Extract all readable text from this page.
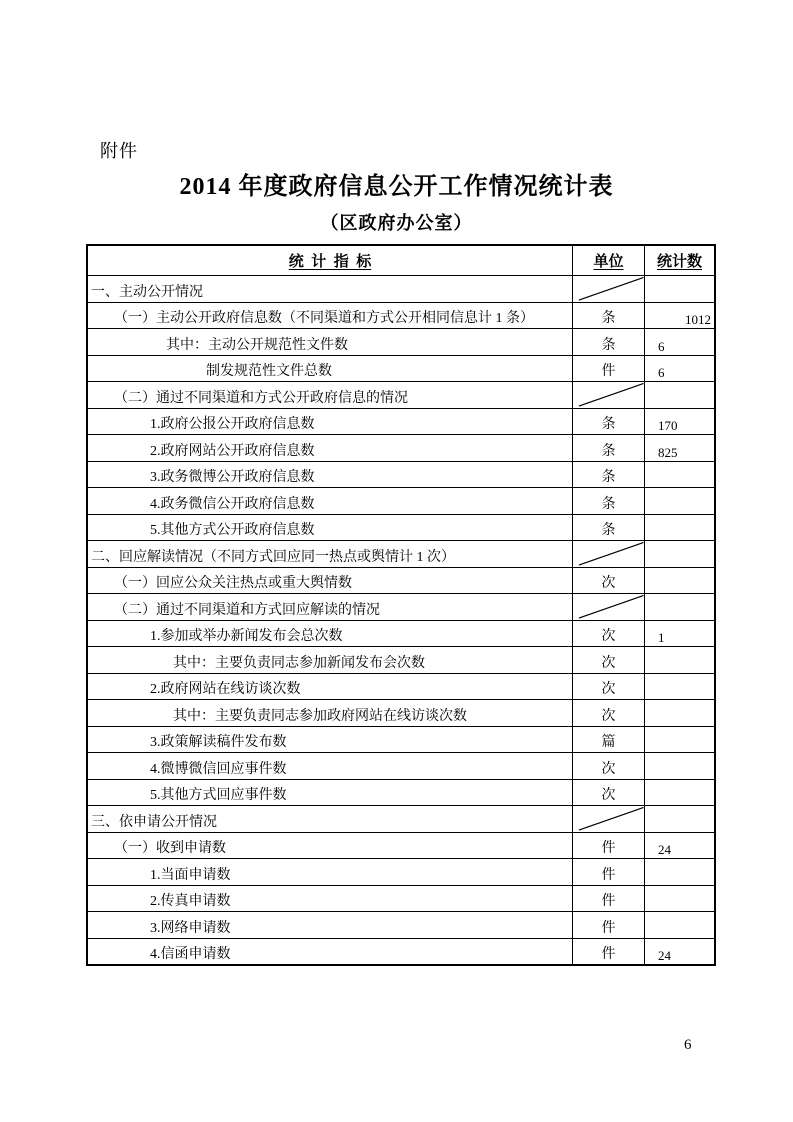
附件
2014 年度政府信息公开工作情况统计表
（区政府办公室）
统  计  指  标	单位 统计数
一、主动公开情况
（一）主动公开政府信息数（不同渠道和方式公开相同信息计 1 条）	条	1012
其中：主动公开规范性文件数	条	6
制发规范性文件总数	件	6
（二）通过不同渠道和方式公开政府信息的情况
1.政府公报公开政府信息数	条	170
2.政府网站公开政府信息数	条	825
3.政务微博公开政府信息数	条
4.政务微信公开政府信息数	条
5.其他方式公开政府信息数	条
二、回应解读情况（不同方式回应同一热点或舆情计 1 次）
（一）回应公众关注热点或重大舆情数	次
（二）通过不同渠道和方式回应解读的情况
1.参加或举办新闻发布会总次数	次	1
其中：主要负责同志参加新闻发布会次数	次
2.政府网站在线访谈次数	次
其中：主要负责同志参加政府网站在线访谈次数	次
3.政策解读稿件发布数	篇
4.微博微信回应事件数	次
5.其他方式回应事件数	次
三、依申请公开情况
（一）收到申请数	件	24
1.当面申请数	件
2.传真申请数	件
3.网络申请数	件
4.信函申请数	件	24
6
